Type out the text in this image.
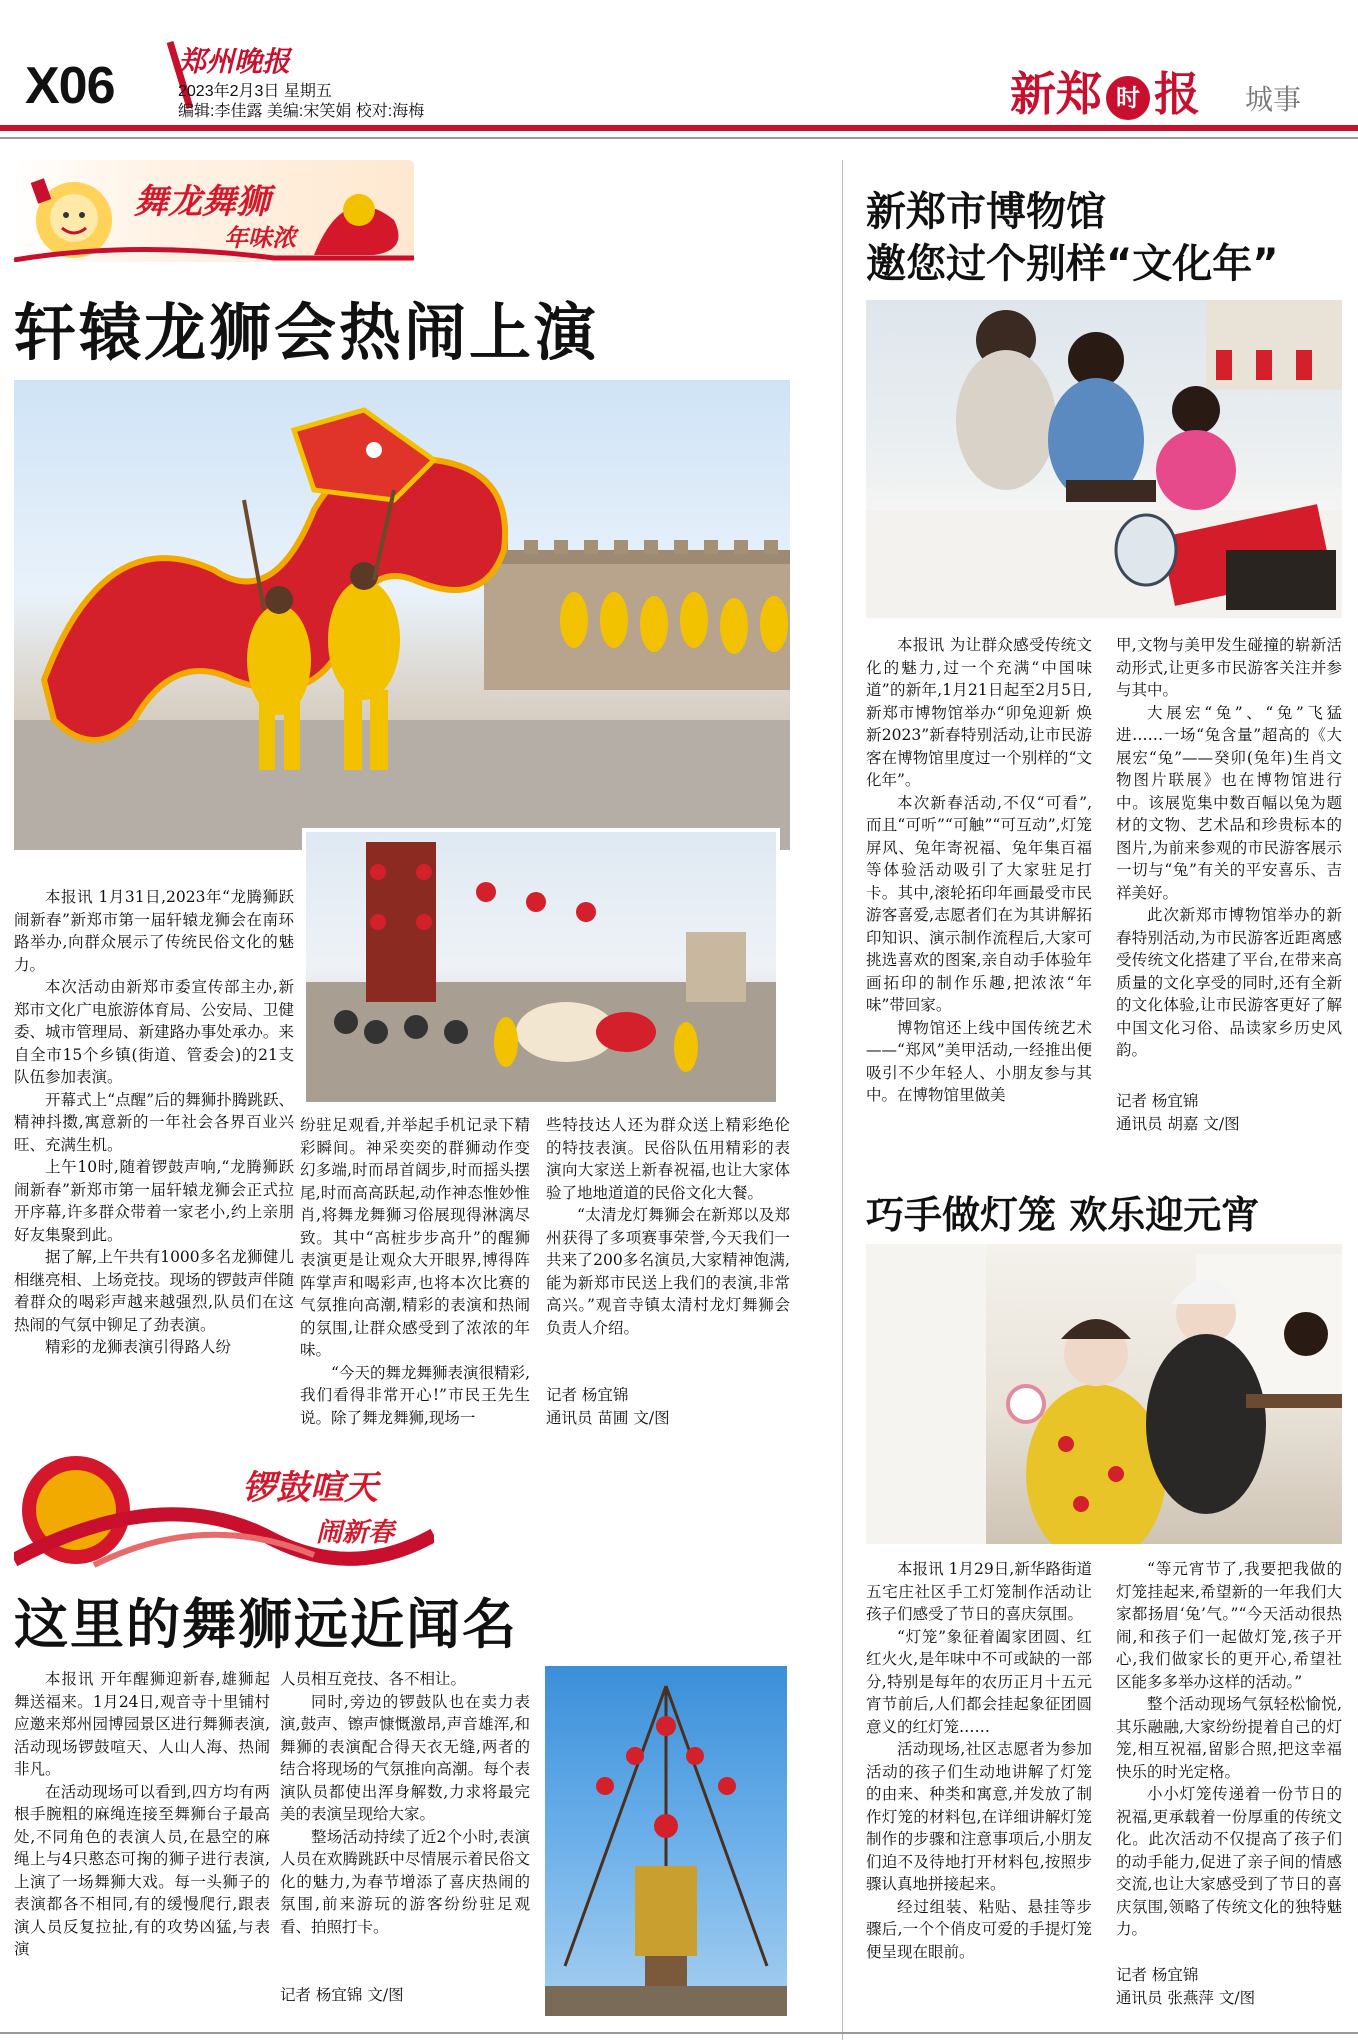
X06 郑州晚报
2023年2月3日 星期五
编辑:李佳露 美编:宋笑娟 校对:海梅	新郑 时 报 城事
舞龙舞狮
年味浓
轩辕龙狮会热闹上演

本报讯 1月31日,2023年“龙腾狮跃闹新春”新郑市第一届轩辕龙狮会在南环路举办,向群众展示了传统民俗文化的魅力。

本次活动由新郑市委宣传部主办,新郑市文化广电旅游体育局、公安局、卫健委、城市管理局、新建路办事处承办。来自全市15个乡镇(街道、管委会)的21支队伍参加表演。

开幕式上“点醒”后的舞狮扑腾跳跃、精神抖擞,寓意新的一年社会各界百业兴旺、充满生机。

上午10时,随着锣鼓声响,“龙腾狮跃闹新春”新郑市第一届轩辕龙狮会正式拉开序幕,许多群众带着一家老小,约上亲朋好友集聚到此。

据了解,上午共有1000多名龙狮健儿相继亮相、上场竞技。现场的锣鼓声伴随着群众的喝彩声越来越强烈,队员们在这热闹的气氛中铆足了劲表演。

精彩的龙狮表演引得路人纷

纷驻足观看,并举起手机记录下精彩瞬间。神采奕奕的群狮动作变幻多端,时而昂首阔步,时而摇头摆尾,时而高高跃起,动作神态惟妙惟肖,将舞龙舞狮习俗展现得淋漓尽致。其中“高桩步步高升”的醒狮表演更是让观众大开眼界,博得阵阵掌声和喝彩声,也将本次比赛的气氛推向高潮,精彩的表演和热闹的氛围,让群众感受到了浓浓的年味。

“今天的舞龙舞狮表演很精彩,我们看得非常开心!”市民王先生说。除了舞龙舞狮,现场一

些特技达人还为群众送上精彩绝伦的特技表演。民俗队伍用精彩的表演向大家送上新春祝福,也让大家体验了地地道道的民俗文化大餐。

“太清龙灯舞狮会在新郑以及郑州获得了多项赛事荣誉,今天我们一共来了200多名演员,大家精神饱满,能为新郑市民送上我们的表演,非常高兴。”观音寺镇太清村龙灯舞狮会负责人介绍。

记者 杨宜锦
通讯员 苗圃 文/图
锣鼓喧天
闹新春
这里的舞狮远近闻名

本报讯 开年醒狮迎新春,雄狮起舞送福来。1月24日,观音寺十里铺村应邀来郑州园博园景区进行舞狮表演,活动现场锣鼓喧天、人山人海、热闹非凡。

在活动现场可以看到,四方均有两根手腕粗的麻绳连接至舞狮台子最高处,不同角色的表演人员,在悬空的麻绳上与4只憨态可掬的狮子进行表演,上演了一场舞狮大戏。每一头狮子的表演都各不相同,有的缓慢爬行,跟表演人员反复拉扯,有的攻势凶猛,与表演

人员相互竞技、各不相让。

同时,旁边的锣鼓队也在卖力表演,鼓声、镲声慷慨激昂,声音雄浑,和舞狮的表演配合得天衣无缝,两者的结合将现场的气氛推向高潮。每个表演队员都使出浑身解数,力求将最完美的表演呈现给大家。

整场活动持续了近2个小时,表演人员在欢腾跳跃中尽情展示着民俗文化的魅力,为春节增添了喜庆热闹的氛围,前来游玩的游客纷纷驻足观看、拍照打卡。

记者 杨宜锦 文/图
新郑市博物馆
邀您过个别样“文化年”

本报讯 为让群众感受传统文化的魅力,过一个充满“中国味道”的新年,1月21日起至2月5日,新郑市博物馆举办“卯兔迎新 焕新2023”新春特别活动,让市民游客在博物馆里度过一个别样的“文化年”。

本次新春活动,不仅“可看”,而且“可听”“可触”“可互动”,灯笼屏风、兔年寄祝福、兔年集百福等体验活动吸引了大家驻足打卡。其中,滚轮拓印年画最受市民游客喜爱,志愿者们在为其讲解拓印知识、演示制作流程后,大家可挑选喜欢的图案,亲自动手体验年画拓印的制作乐趣,把浓浓“年味”带回家。

博物馆还上线中国传统艺术——“郑风”美甲活动,一经推出便吸引不少年轻人、小朋友参与其中。在博物馆里做美

甲,文物与美甲发生碰撞的崭新活动形式,让更多市民游客关注并参与其中。

大展宏“兔”、“兔”飞猛进……一场“兔含量”超高的《大展宏“兔”——癸卯(兔年)生肖文物图片联展》也在博物馆进行中。该展览集中数百幅以兔为题材的文物、艺术品和珍贵标本的图片,为前来参观的市民游客展示一切与“兔”有关的平安喜乐、吉祥美好。

此次新郑市博物馆举办的新春特别活动,为市民游客近距离感受传统文化搭建了平台,在带来高质量的文化享受的同时,还有全新的文化体验,让市民游客更好了解中国文化习俗、品读家乡历史风韵。

记者 杨宜锦
通讯员 胡嘉 文/图
巧手做灯笼 欢乐迎元宵

本报讯 1月29日,新华路街道五宅庄社区手工灯笼制作活动让孩子们感受了节日的喜庆氛围。

“灯笼”象征着阖家团圆、红红火火,是年味中不可或缺的一部分,特别是每年的农历正月十五元宵节前后,人们都会挂起象征团圆意义的红灯笼……

活动现场,社区志愿者为参加活动的孩子们生动地讲解了灯笼的由来、种类和寓意,并发放了制作灯笼的材料包,在详细讲解灯笼制作的步骤和注意事项后,小朋友们迫不及待地打开材料包,按照步骤认真地拼接起来。

经过组装、粘贴、悬挂等步骤后,一个个俏皮可爱的手提灯笼便呈现在眼前。

“等元宵节了,我要把我做的灯笼挂起来,希望新的一年我们大家都扬眉‘兔’气。”“今天活动很热闹,和孩子们一起做灯笼,孩子开心,我们做家长的更开心,希望社区能多多举办这样的活动。”

整个活动现场气氛轻松愉悦,其乐融融,大家纷纷提着自己的灯笼,相互祝福,留影合照,把这幸福快乐的时光定格。

小小灯笼传递着一份节日的祝福,更承载着一份厚重的传统文化。此次活动不仅提高了孩子们的动手能力,促进了亲子间的情感交流,也让大家感受到了节日的喜庆氛围,领略了传统文化的独特魅力。

记者 杨宜锦
通讯员 张燕萍 文/图
